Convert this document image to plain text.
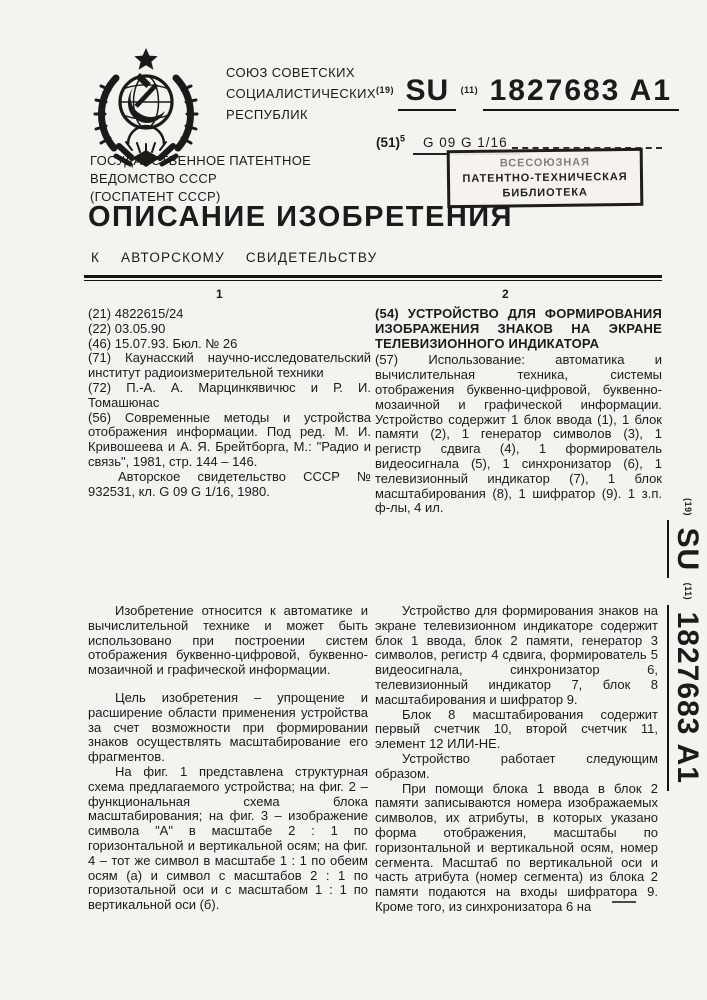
СОЮЗ СОВЕТСКИХ
СОЦИАЛИСТИЧЕСКИХ
РЕСПУБЛИК
$^{(19)}$ SU $^{(11)}$ 1827683 A1
$(51)^5$ G 09 G 1/16
ВСЕСОЮЗНАЯ
ПАТЕНТНО-ТЕХНИЧЕСКАЯ
БИБЛИОТЕКА
ГОСУДАРСТВЕННОЕ ПАТЕНТНОЕ
ВЕДОМСТВО СССР
(ГОСПАТЕНТ СССР)
ОПИСАНИЕ ИЗОБРЕТЕНИЯ
К АВТОРСКОМУ СВИДЕТЕЛЬСТВУ
1	2

(21) 4822615/24

(22) 03.05.90

(46) 15.07.93. Бюл. № 26

(71) Каунасский научно-исследовательский институт радиоизмерительной техники

(72) П.-А. А. Марцинкявичюс и Р. И. Томашюнас

(56) Современные методы и устройства отображения информации. Под ред. М. И. Кривошеева и А. Я. Брейтборга, М.: "Радио и связь", 1981, стр. 144 – 146.

Авторское свидетельство СССР № 932531, кл. G 09 G 1/16, 1980.

(54) УСТРОЙСТВО ДЛЯ ФОРМИРОВАНИЯ ИЗОБРАЖЕНИЯ ЗНАКОВ НА ЭКРАНЕ ТЕЛЕВИЗИОННОГО ИНДИКАТОРА

(57) Использование: автоматика и вычислительная техника, системы отображения буквенно-цифровой, буквенно-мозаичной и графической информации. Устройство содержит 1 блок ввода (1), 1 блок памяти (2), 1 генератор символов (3), 1 регистр сдвига (4), 1 формирователь видеосигнала (5), 1 синхронизатор (6), 1 телевизионный индикатор (7), 1 блок масштабирования (8), 1 шифратор (9). 1 з.п. ф-лы, 4 ил.

Изобретение относится к автоматике и вычислительной технике и может быть использовано при построении систем отображения буквенно-цифровой, буквенно-мозаичной и графической информации.

Цель изобретения – упрощение и расширение области применения устройства за счет возможности при формировании знаков осуществлять масштабирование его фрагментов.

На фиг. 1 представлена структурная схема предлагаемого устройства; на фиг. 2 – функциональная схема блока масштабирования; на фиг. 3 – изображение символа "А" в масштабе 2 : 1 по горизонтальной и вертикальной осям; на фиг. 4 – тот же символ в масштабе 1 : 1 по обеим осям (а) и символ с масштабов 2 : 1 по горизотальной оси и с масштабом 1 : 1 по вертикальной оси (б).

Устройство для формирования знаков на экране телевизионном индикаторе содержит блок 1 ввода, блок 2 памяти, генератор 3 символов, регистр 4 сдвига, формирователь 5 видеосигнала, синхронизатор 6, телевизионный индикатор 7, блок 8 масштабирования и шифратор 9.

Блок 8 масштабирования содержит первый счетчик 10, второй счетчик 11, элемент 12 ИЛИ-НЕ.

Устройство работает следующим образом.

При помощи блока 1 ввода в блок 2 памяти записываются номера изображаемых символов, их атрибуты, в которых указано форма отображения, масштабы по горизонтальной и вертикальной осям, номер сегмента. Масштаб по вертикальной оси и часть атрибута (номер сегмента) из блока 2 памяти подаются на входы шифратора 9. Кроме того, из синхронизатора 6 на

$^{(19)}$ SU $^{(11)}$ 1827683 A1
